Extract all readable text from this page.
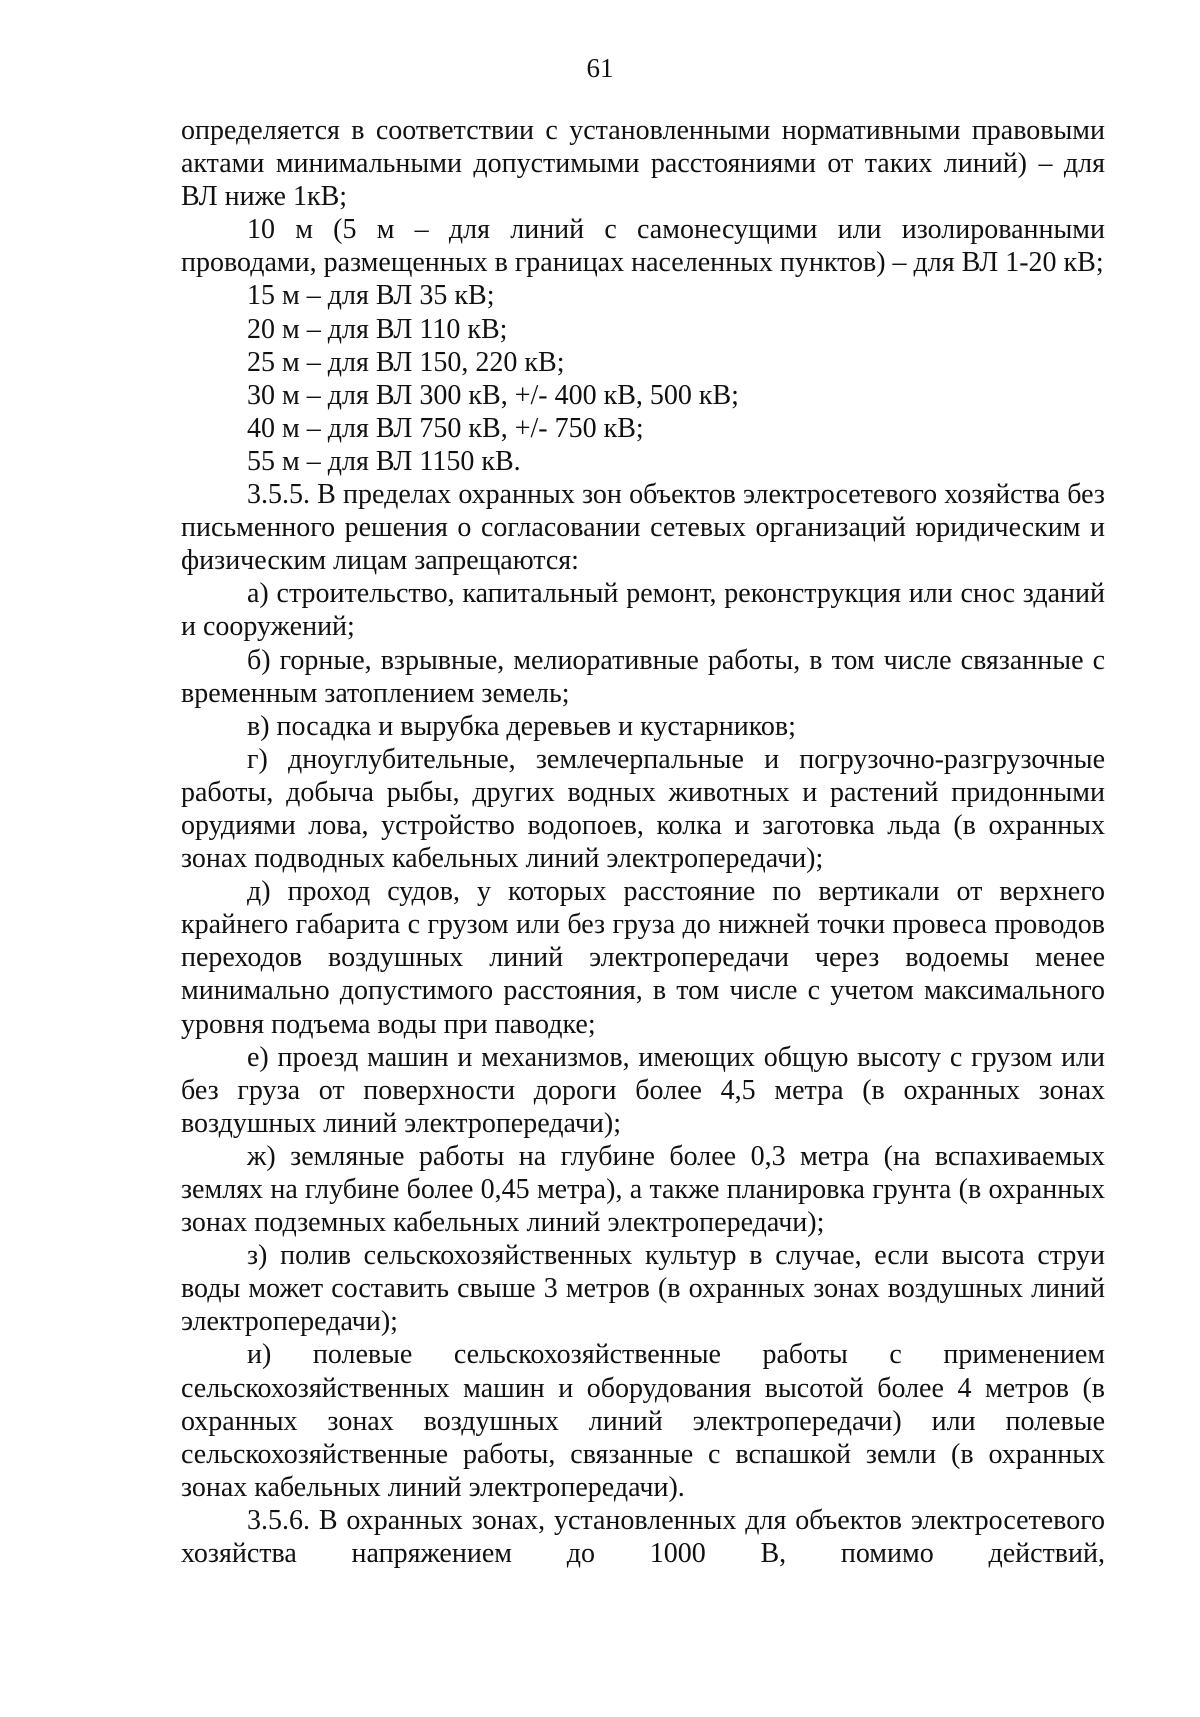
61

определяется в соответствии с установленными нормативными правовыми актами минимальными допустимыми расстояниями от таких линий) – для ВЛ ниже 1кВ;

10 м (5 м – для линий с самонесущими или изолированными проводами, размещенных в границах населенных пунктов) – для ВЛ 1-20 кВ;

15 м – для ВЛ 35 кВ;

20 м – для ВЛ 110 кВ;

25 м – для ВЛ 150, 220 кВ;

30 м – для ВЛ 300 кВ, +/- 400 кВ, 500 кВ;

40 м – для ВЛ 750 кВ, +/- 750 кВ;

55 м – для ВЛ 1150 кВ.

3.5.5. В пределах охранных зон объектов электросетевого хозяйства без письменного решения о согласовании сетевых организаций юридическим и физическим лицам запрещаются:

а) строительство, капитальный ремонт, реконструкция или снос зданий и сооружений;

б) горные, взрывные, мелиоративные работы, в том числе связанные с временным затоплением земель;

в) посадка и вырубка деревьев и кустарников;

г) дноуглубительные, землечерпальные и погрузочно-разгрузочные работы, добыча рыбы, других водных животных и растений придонными орудиями лова, устройство водопоев, колка и заготовка льда (в охранных зонах подводных кабельных линий электропередачи);

д) проход судов, у которых расстояние по вертикали от верхнего крайнего габарита с грузом или без груза до нижней точки провеса проводов переходов воздушных линий электропередачи через водоемы менее минимально допустимого расстояния, в том числе с учетом максимального уровня подъема воды при паводке;

е) проезд машин и механизмов, имеющих общую высоту с грузом или без груза от поверхности дороги более 4,5 метра (в охранных зонах воздушных линий электропередачи);

ж) земляные работы на глубине более 0,3 метра (на вспахиваемых землях на глубине более 0,45 метра), а также планировка грунта (в охранных зонах подземных кабельных линий электропередачи);

з) полив сельскохозяйственных культур в случае, если высота струи воды может составить свыше 3 метров (в охранных зонах воздушных линий электропередачи);

и) полевые сельскохозяйственные работы с применением сельскохозяйственных машин и оборудования высотой более 4 метров (в охранных зонах воздушных линий электропередачи) или полевые сельскохозяйственные работы, связанные с вспашкой земли (в охранных зонах кабельных линий электропередачи).

3.5.6. В охранных зонах, установленных для объектов электросетевого хозяйства напряжением до 1000 В, помимо действий,
